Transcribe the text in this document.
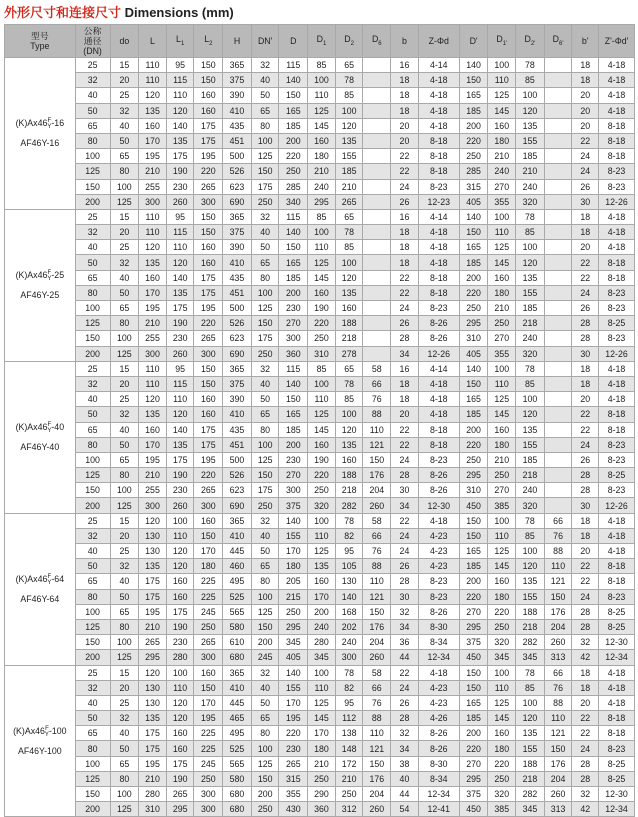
外形尺寸和连接尺寸 Dimensions (mm)
型号
Type	公称
通径
(DN)	do	L	$L_1$	$L_2$	H	DN'	D	$D_1$	$D_2$	$D_6$	b	Z-Φd	D'	$D_{1'}$	$D_{2'}$	$D_{6'}$	b'	Z'-Φd'
(K)Ax46F
Y-16
AF46Y-16	25	15	110	95	150	365	32	115	85	65		16	4-14	140	100	78		18	4-18
	32	20	110	115	150	375	40	140	100	78		18	4-18	150	110	85		18	4-18
	40	25	120	110	160	390	50	150	110	85		18	4-18	165	125	100		20	4-18
	50	32	135	120	160	410	65	165	125	100		18	4-18	185	145	120		20	4-18
	65	40	160	140	175	435	80	185	145	120		20	4-18	200	160	135		20	8-18
	80	50	170	135	175	451	100	200	160	135		20	8-18	220	180	155		22	8-18
	100	65	195	175	195	500	125	220	180	155		22	8-18	250	210	185		24	8-18
	125	80	210	190	220	526	150	250	210	185		22	8-18	285	240	210		24	8-23
	150	100	255	230	265	623	175	285	240	210		24	8-23	315	270	240		26	8-23
	200	125	300	260	300	690	250	340	295	265		26	12-23	405	355	320		30	12-26
(K)Ax46F
Y-25
AF46Y-25	25	15	110	95	150	365	32	115	85	65		16	4-14	140	100	78		18	4-18
	32	20	110	115	150	375	40	140	100	78		18	4-18	150	110	85		18	4-18
	40	25	120	110	160	390	50	150	110	85		18	4-18	165	125	100		20	4-18
	50	32	135	120	160	410	65	165	125	100		18	4-18	185	145	120		22	8-18
	65	40	160	140	175	435	80	185	145	120		22	8-18	200	160	135		22	8-18
	80	50	170	135	175	451	100	200	160	135		22	8-18	220	180	155		24	8-23
	100	65	195	175	195	500	125	230	190	160		24	8-23	250	210	185		26	8-23
	125	80	210	190	220	526	150	270	220	188		26	8-26	295	250	218		28	8-25
	150	100	255	230	265	623	175	300	250	218		28	8-26	310	270	240		28	8-23
	200	125	300	260	300	690	250	360	310	278		34	12-26	405	355	320		30	12-26
(K)Ax46F
Y-40
AF46Y-40	25	15	110	95	150	365	32	115	85	65	58	16	4-14	140	100	78		18	4-18
	32	20	110	115	150	375	40	140	100	78	66	18	4-18	150	110	85		18	4-18
	40	25	120	110	160	390	50	150	110	85	76	18	4-18	165	125	100		20	4-18
	50	32	135	120	160	410	65	165	125	100	88	20	4-18	185	145	120		22	8-18
	65	40	160	140	175	435	80	185	145	120	110	22	8-18	200	160	135		22	8-18
	80	50	170	135	175	451	100	200	160	135	121	22	8-18	220	180	155		24	8-23
	100	65	195	175	195	500	125	230	190	160	150	24	8-23	250	210	185		26	8-23
	125	80	210	190	220	526	150	270	220	188	176	28	8-26	295	250	218		28	8-25
	150	100	255	230	265	623	175	300	250	218	204	30	8-26	310	270	240		28	8-23
	200	125	300	260	300	690	250	375	320	282	260	34	12-30	450	385	320		30	12-26
(K)Ax46F
Y-64
AF46Y-64	25	15	120	100	160	365	32	140	100	78	58	22	4-18	150	100	78	66	18	4-18
	32	20	130	110	150	410	40	155	110	82	66	24	4-23	150	110	85	76	18	4-18
	40	25	130	120	170	445	50	170	125	95	76	24	4-23	165	125	100	88	20	4-18
	50	32	135	120	180	460	65	180	135	105	88	26	4-23	185	145	120	110	22	8-18
	65	40	175	160	225	495	80	205	160	130	110	28	8-23	200	160	135	121	22	8-18
	80	50	175	160	225	525	100	215	170	140	121	30	8-23	220	180	155	150	24	8-23
	100	65	195	175	245	565	125	250	200	168	150	32	8-26	270	220	188	176	28	8-25
	125	80	210	190	250	580	150	295	240	202	176	34	8-30	295	250	218	204	28	8-25
	150	100	265	230	265	610	200	345	280	240	204	36	8-34	375	320	282	260	32	12-30
	200	125	295	280	300	680	245	405	345	300	260	44	12-34	450	345	345	313	42	12-34
(K)Ax46F
Y-100
AF46Y-100	25	15	120	100	160	365	32	140	100	78	58	22	4-18	150	100	78	66	18	4-18
	32	20	130	110	150	410	40	155	110	82	66	24	4-23	150	110	85	76	18	4-18
	40	25	130	120	170	445	50	170	125	95	76	26	4-23	165	125	100	88	20	4-18
	50	32	135	120	195	465	65	195	145	112	88	28	4-26	185	145	120	110	22	8-18
	65	40	175	160	225	495	80	220	170	138	110	32	8-26	200	160	135	121	22	8-18
	80	50	175	160	225	525	100	230	180	148	121	34	8-26	220	180	155	150	24	8-23
	100	65	195	175	245	565	125	265	210	172	150	38	8-30	270	220	188	176	28	8-25
	125	80	210	190	250	580	150	315	250	210	176	40	8-34	295	250	218	204	28	8-25
	150	100	280	265	300	680	200	355	290	250	204	44	12-34	375	320	282	260	32	12-30
	200	125	310	295	300	680	250	430	360	312	260	54	12-41	450	385	345	313	42	12-34
